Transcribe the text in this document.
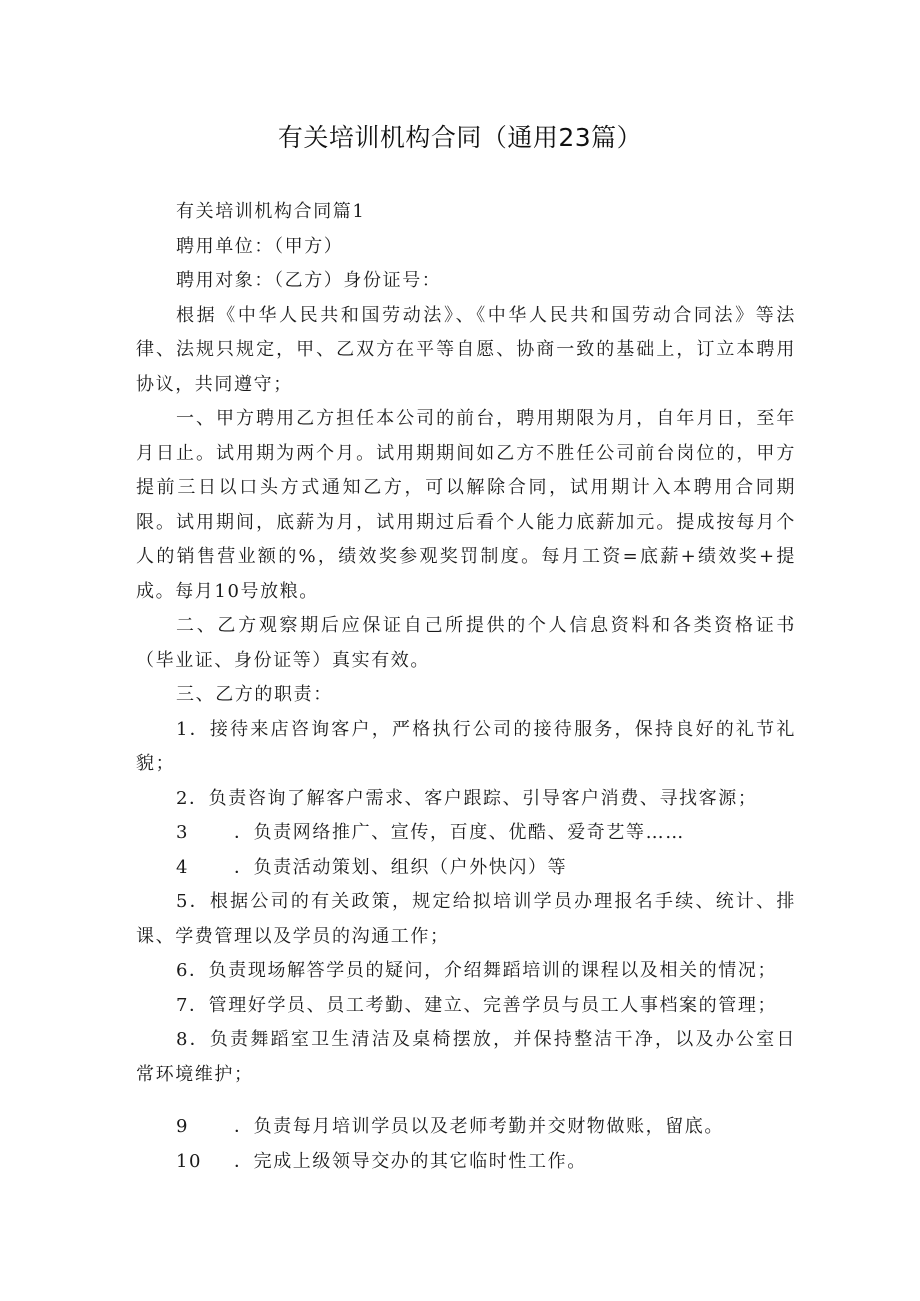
有关培训机构合同（通用23篇）

有关培训机构合同篇1

聘用单位：（甲方）

聘用对象：（乙方）身份证号：

根据《中华人民共和国劳动法》、《中华人民共和国劳动合同法》等法律、法规只规定，甲、乙双方在平等自愿、协商一致的基础上，订立本聘用协议，共同遵守；

一、甲方聘用乙方担任本公司的前台，聘用期限为月，自年月日，至年月日止。试用期为两个月。试用期期间如乙方不胜任公司前台岗位的，甲方提前三日以口头方式通知乙方，可以解除合同，试用期计入本聘用合同期限。试用期间，底薪为月，试用期过后看个人能力底薪加元。提成按每月个人的销售营业额的%，绩效奖参观奖罚制度。每月工资=底薪+绩效奖+提成。每月10号放粮。

二、乙方观察期后应保证自己所提供的个人信息资料和各类资格证书（毕业证、身份证等）真实有效。

三、乙方的职责：

1．接待来店咨询客户，严格执行公司的接待服务，保持良好的礼节礼貌；

2．负责咨询了解客户需求、客户跟踪、引导客户消费、寻找客源；

3 ．负责网络推广、宣传，百度、优酷、爱奇艺等……

4 ．负责活动策划、组织（户外快闪）等

5．根据公司的有关政策，规定给拟培训学员办理报名手续、统计、排课、学费管理以及学员的沟通工作；

6．负责现场解答学员的疑问，介绍舞蹈培训的课程以及相关的情况；

7．管理好学员、员工考勤、建立、完善学员与员工人事档案的管理；

8．负责舞蹈室卫生清洁及桌椅摆放，并保持整洁干净，以及办公室日常环境维护；

9 ．负责每月培训学员以及老师考勤并交财物做账，留底。

10 ．完成上级领导交办的其它临时性工作。
